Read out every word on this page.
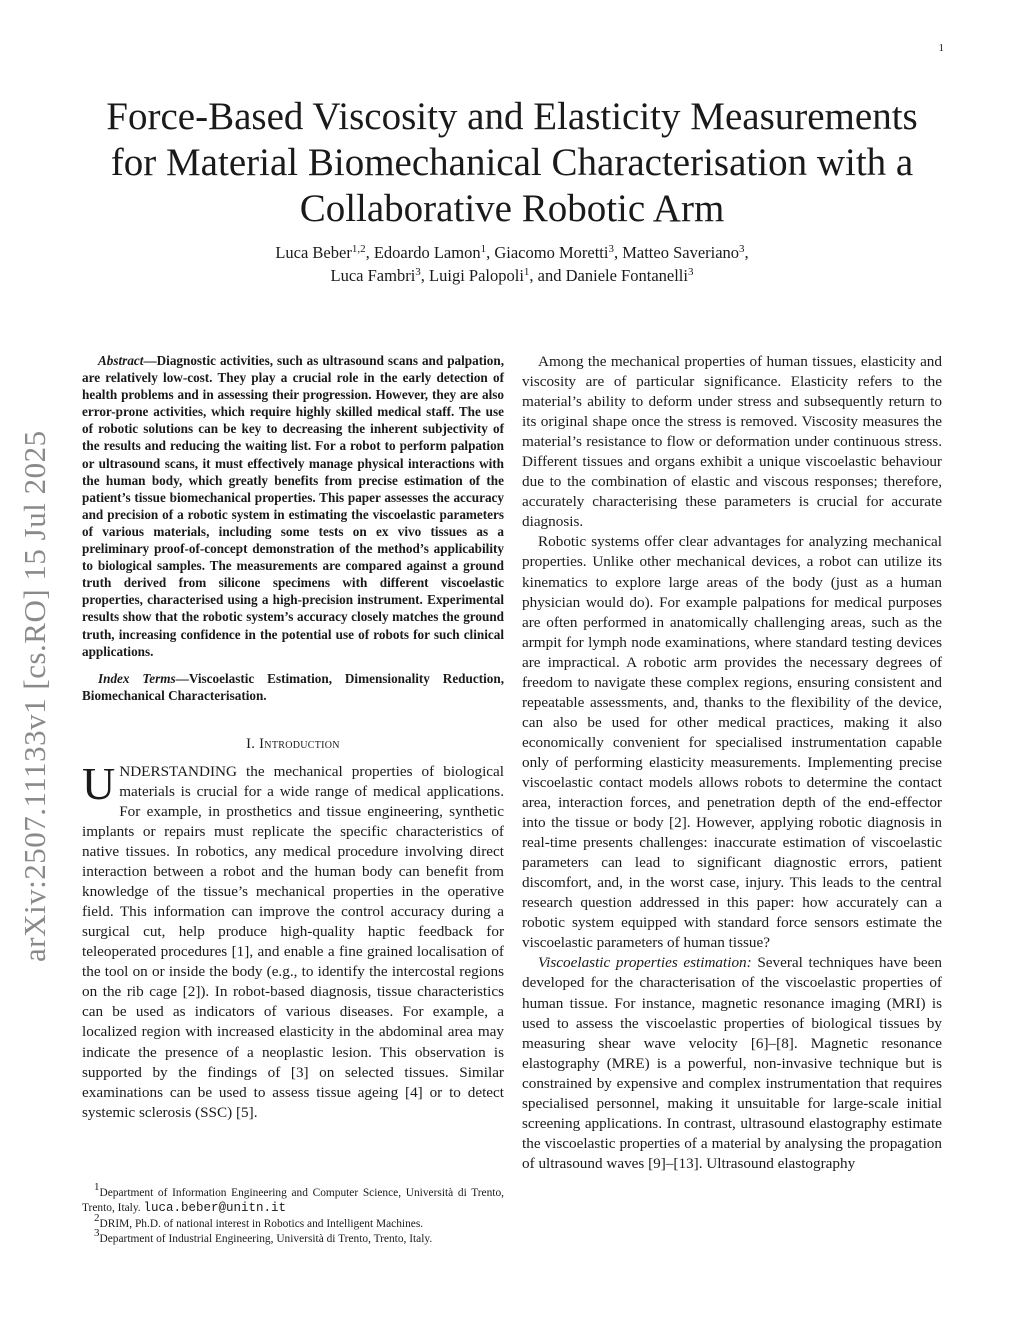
1
arXiv:2507.11133v1 [cs.RO] 15 Jul 2025
Force-Based Viscosity and Elasticity Measurements
for Material Biomechanical Characterisation with a
Collaborative Robotic Arm
Luca Beber$^{1,2}$, Edoardo Lamon$^1$, Giacomo Moretti$^3$, Matteo Saveriano$^3$,
Luca Fambri$^3$, Luigi Palopoli$^1$, and Daniele Fontanelli$^3$

Abstract—Diagnostic activities, such as ultrasound scans and palpation, are relatively low-cost. They play a crucial role in the early detection of health problems and in assessing their progression. However, they are also error-prone activities, which require highly skilled medical staff. The use of robotic solutions can be key to decreasing the inherent subjectivity of the results and reducing the waiting list. For a robot to perform palpation or ultrasound scans, it must effectively manage physical interactions with the human body, which greatly benefits from precise estimation of the patient’s tissue biomechanical properties. This paper assesses the accuracy and precision of a robotic system in estimating the viscoelastic parameters of various materials, including some tests on ex vivo tissues as a preliminary proof-of-concept demonstration of the method’s applicability to biological samples. The measurements are compared against a ground truth derived from silicone specimens with different viscoelastic properties, characterised using a high-precision instrument. Experimental results show that the robotic system’s accuracy closely matches the ground truth, increasing confidence in the potential use of robots for such clinical applications.

Index Terms—Viscoelastic Estimation, Dimensionality Reduction, Biomechanical Characterisation.

I. Introduction

UNDERSTANDING the mechanical properties of biological materials is crucial for a wide range of medical applications. For example, in prosthetics and tissue engineering, synthetic implants or repairs must replicate the specific characteristics of native tissues. In robotics, any medical procedure involving direct interaction between a robot and the human body can benefit from knowledge of the tissue’s mechanical properties in the operative field. This information can improve the control accuracy during a surgical cut, help produce high-quality haptic feedback for teleoperated procedures [1], and enable a fine grained localisation of the tool on or inside the body (e.g., to identify the intercostal regions on the rib cage [2]). In robot-based diagnosis, tissue characteristics can be used as indicators of various diseases. For example, a localized region with increased elasticity in the abdominal area may indicate the presence of a neoplastic lesion. This observation is supported by the findings of [3] on selected tissues. Similar examinations can be used to assess tissue ageing [4] or to detect systemic sclerosis (SSC) [5].

$^1$Department of Information Engineering and Computer Science, Università di Trento, Trento, Italy. luca.beber@unitn.it

$^2$DRIM, Ph.D. of national interest in Robotics and Intelligent Machines.

$^3$Department of Industrial Engineering, Università di Trento, Trento, Italy.

Among the mechanical properties of human tissues, elasticity and viscosity are of particular significance. Elasticity refers to the material’s ability to deform under stress and subsequently return to its original shape once the stress is removed. Viscosity measures the material’s resistance to flow or deformation under continuous stress. Different tissues and organs exhibit a unique viscoelastic behaviour due to the combination of elastic and viscous responses; therefore, accurately characterising these parameters is crucial for accurate diagnosis.

Robotic systems offer clear advantages for analyzing mechanical properties. Unlike other mechanical devices, a robot can utilize its kinematics to explore large areas of the body (just as a human physician would do). For example palpations for medical purposes are often performed in anatomically challenging areas, such as the armpit for lymph node examinations, where standard testing devices are impractical. A robotic arm provides the necessary degrees of freedom to navigate these complex regions, ensuring consistent and repeatable assessments, and, thanks to the flexibility of the device, can also be used for other medical practices, making it also economically convenient for specialised instrumentation capable only of performing elasticity measurements. Implementing precise viscoelastic contact models allows robots to determine the contact area, interaction forces, and penetration depth of the end-effector into the tissue or body [2]. However, applying robotic diagnosis in real-time presents challenges: inaccurate estimation of viscoelastic parameters can lead to significant diagnostic errors, patient discomfort, and, in the worst case, injury. This leads to the central research question addressed in this paper: how accurately can a robotic system equipped with standard force sensors estimate the viscoelastic parameters of human tissue?

Viscoelastic properties estimation: Several techniques have been developed for the characterisation of the viscoelastic properties of human tissue. For instance, magnetic resonance imaging (MRI) is used to assess the viscoelastic properties of biological tissues by measuring shear wave velocity [6]–[8]. Magnetic resonance elastography (MRE) is a powerful, non-invasive technique but is constrained by expensive and complex instrumentation that requires specialised personnel, making it unsuitable for large-scale initial screening applications. In contrast, ultrasound elastography estimate the viscoelastic properties of a material by analysing the propagation of ultrasound waves [9]–[13]. Ultrasound elastography
